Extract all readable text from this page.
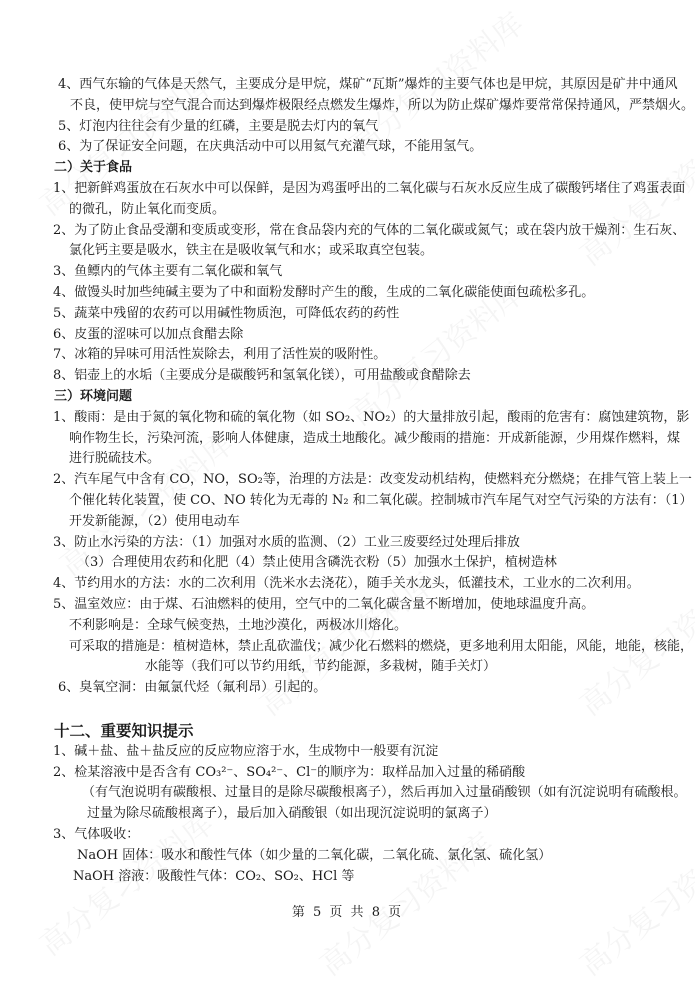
4、西气东输的气体是天然气，主要成分是甲烷，煤矿“瓦斯”爆炸的主要气体也是甲烷，其原因是矿井中通风
不良，使甲烷与空气混合而达到爆炸极限经点燃发生爆炸，所以为防止煤矿爆炸要常常保持通风，严禁烟火。
5、灯泡内往往会有少量的红磷，主要是脱去灯内的氧气
6、为了保证安全问题，在庆典活动中可以用氦气充灌气球，不能用氢气。
二）关于食品
1、把新鲜鸡蛋放在石灰水中可以保鲜，是因为鸡蛋呼出的二氧化碳与石灰水反应生成了碳酸钙堵住了鸡蛋表面
的微孔，防止氧化而变质。
2、为了防止食品受潮和变质或变形，常在食品袋内充的气体的二氧化碳或氮气；或在袋内放干燥剂：生石灰、
氯化钙主要是吸水，铁主在是吸收氧气和水；或采取真空包装。
3、鱼鳔内的气体主要有二氧化碳和氧气
4、做馒头时加些纯碱主要为了中和面粉发酵时产生的酸，生成的二氧化碳能使面包疏松多孔。
5、蔬菜中残留的农药可以用碱性物质泡，可降低农药的药性
6、皮蛋的涩味可以加点食醋去除
7、冰箱的异味可用活性炭除去，利用了活性炭的吸附性。
8、铝壶上的水垢（主要成分是碳酸钙和氢氧化镁），可用盐酸或食醋除去
三）环境问题
1、酸雨：是由于氮的氧化物和硫的氧化物（如 SO₂、NO₂）的大量排放引起，酸雨的危害有：腐蚀建筑物，影
响作物生长，污染河流，影响人体健康，造成土地酸化。减少酸雨的措施：开成新能源，少用煤作燃料，煤
进行脱硫技术。
2、汽车尾气中含有 CO，NO，SO₂等，治理的方法是：改变发动机结构，使燃料充分燃烧；在排气管上装上一
个催化转化装置，使 CO、NO 转化为无毒的 N₂ 和二氧化碳。控制城市汽车尾气对空气污染的方法有：（1）
开发新能源，（2）使用电动车
3、防止水污染的方法：（1）加强对水质的监测、（2）工业三废要经过处理后排放
（3）合理使用农药和化肥（4）禁止使用含磷洗衣粉（5）加强水土保护，植树造林
4、节约用水的方法：水的二次利用（洗米水去浇花），随手关水龙头，低灌技术，工业水的二次利用。
5、温室效应：由于煤、石油燃料的使用，空气中的二氧化碳含量不断增加，使地球温度升高。
不利影响是：全球气候变热，土地沙漠化，两极冰川熔化。
可采取的措施是：植树造林，禁止乱砍滥伐；减少化石燃料的燃烧，更多地利用太阳能，风能，地能，核能，
水能等（我们可以节约用纸，节约能源，多栽树，随手关灯）
6、臭氧空洞：由氟氯代烃（氟利昂）引起的。
十二、重要知识提示
1、碱＋盐、盐＋盐反应的反应物应溶于水，生成物中一般要有沉淀
2、检某溶液中是否含有 CO₃²⁻、SO₄²⁻、Cl⁻的顺序为：取样品加入过量的稀硝酸
（有气泡说明有碳酸根、过量目的是除尽碳酸根离子），然后再加入过量硝酸钡（如有沉淀说明有硫酸根。
过量为除尽硫酸根离子），最后加入硝酸银（如出现沉淀说明的氯离子）
3、气体吸收：
NaOH 固体：吸水和酸性气体（如少量的二氧化碳，二氧化硫、氯化氢、硫化氢）
NaOH 溶液：吸酸性气体：CO₂、SO₂、HCl 等
第 5 页 共 8 页
